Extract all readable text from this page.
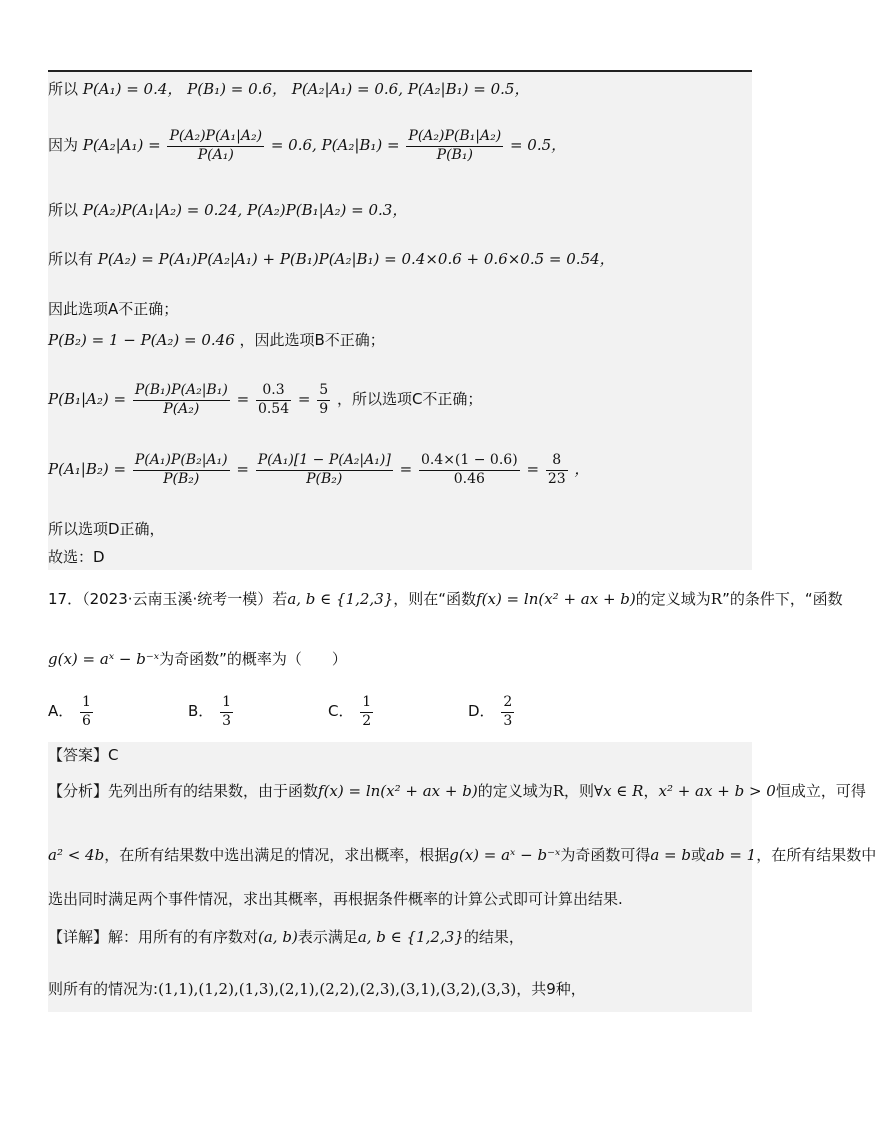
所以 P(A₁) = 0.4， P(B₁) = 0.6， P(A₂|A₁) = 0.6, P(A₂|B₁) = 0.5，
因为 $P(A_2|A_1) = \frac{\text{P(A₂)P(A₁|A₂)}}{\text{P(A₁)}} = 0.6$, $P(A_2|B_1) = \frac{\text{P(A₂)P(B₁|A₂)}}{\text{P(B₁)}} = 0.5$，
所以 P(A₂)P(A₁|A₂) = 0.24, P(A₂)P(B₁|A₂) = 0.3，
所以有 P(A₂) = P(A₁)P(A₂|A₁) + P(B₁)P(A₂|B₁) = 0.4×0.6 + 0.6×0.5 = 0.54，
因此选项A不正确；
P(B₂) = 1 − P(A₂) = 0.46 ，因此选项B不正确；
$P(B_1|A_2) = \frac{\text{P(B₁)P(A₂|B₁)}}{\text{P(A₂)}} = \frac{0.3}{0.54} = \frac{5}{9}$ ，所以选项C不正确；
$P(A_1|B_2) = \frac{\text{P(A₁)P(B₂|A₁)}}{\text{P(B₂)}} = \frac{\text{P(A₁)[1 − P(A₂|A₁)]}}{\text{P(B₂)}} = \frac{0.4\times(1 - 0.6)}{0.46} = \frac{8}{23}$ ，
所以选项D正确，
故选：D
17．（2023·云南玉溪·统考一模）若a, b ∈ {1,2,3}，则在“函数f(x) = ln(x² + ax + b)的定义域为R”的条件下，“函数
g(x) = aˣ − b⁻ˣ为奇函数”的概率为（　　）
A． $\frac{1}{6}$	B． $\frac{1}{3}$	C． $\frac{1}{2}$	D． $\frac{2}{3}$
【答案】C
【分析】先列出所有的结果数，由于函数f(x) = ln(x² + ax + b)的定义域为R，则∀x ∈ R，x² + ax + b > 0恒成立，可得
a² < 4b，在所有结果数中选出满足的情况，求出概率，根据g(x) = aˣ − b⁻ˣ为奇函数可得a = b或ab = 1，在所有结果数中
选出同时满足两个事件情况，求出其概率，再根据条件概率的计算公式即可计算出结果.
【详解】解：用所有的有序数对(a, b)表示满足a, b ∈ {1,2,3}的结果，
则所有的情况为:(1,1),(1,2),(1,3),(2,1),(2,2),(2,3),(3,1),(3,2),(3,3)，共9种，
